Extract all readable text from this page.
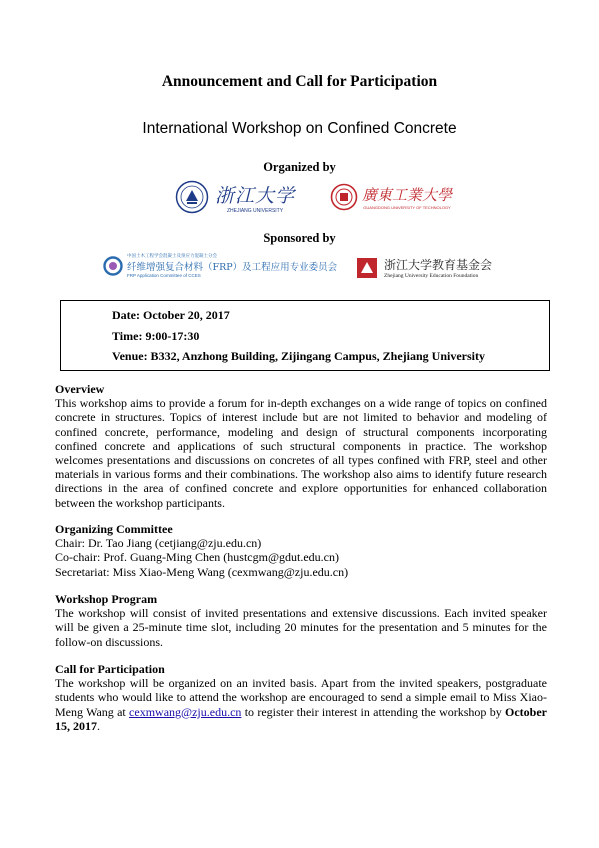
Announcement and Call for Participation
International Workshop on Confined Concrete
Organized by
浙江大学
ZHEJIANG UNIVERSITY
廣東工業大學
GUANGDONG UNIVERSITY OF TECHNOLOGY
Sponsored by
中国土木工程学会混凝土及预应力混凝土分会
纤维增强复合材料（FRP）及工程应用专业委员会
FRP Application Committee of CCES
浙江大学教育基金会
Zhejiang University Education Foundation
Date: October 20, 2017
Time: 9:00-17:30
Venue: B332, Anzhong Building, Zijingang Campus, Zhejiang University
Overview
This workshop aims to provide a forum for in-depth exchanges on a wide range of topics on confined concrete in structures. Topics of interest include but are not limited to behavior and modeling of confined concrete, performance, modeling and design of structural components incorporating confined concrete and applications of such structural components in practice. The workshop welcomes presentations and discussions on concretes of all types confined with FRP, steel and other materials in various forms and their combinations. The workshop also aims to identify future research directions in the area of confined concrete and explore opportunities for enhanced collaboration between the workshop participants.
Organizing Committee
Chair: Dr. Tao Jiang (cetjiang@zju.edu.cn)
Co-chair: Prof. Guang-Ming Chen (hustcgm@gdut.edu.cn)
Secretariat: Miss Xiao-Meng Wang (cexmwang@zju.edu.cn)
Workshop Program
The workshop will consist of invited presentations and extensive discussions. Each invited speaker will be given a 25-minute time slot, including 20 minutes for the presentation and 5 minutes for the follow-on discussions.
Call for Participation
The workshop will be organized on an invited basis. Apart from the invited speakers, postgraduate students who would like to attend the workshop are encouraged to send a simple email to Miss Xiao-Meng Wang at cexmwang@zju.edu.cn to register their interest in attending the workshop by October 15, 2017.
